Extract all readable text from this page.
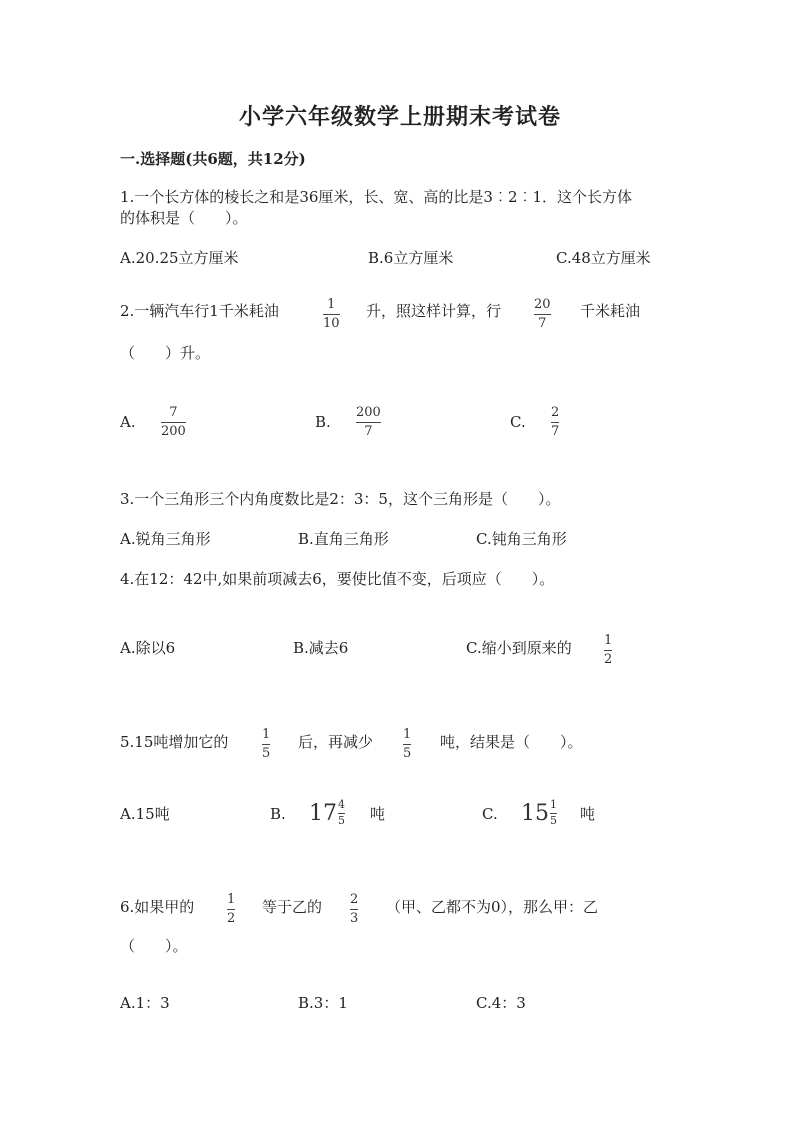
小学六年级数学上册期末考试卷
一.选择题(共6题，共12分)
1.一个长方体的棱长之和是36厘米，长、宽、高的比是3︰2︰1．这个长方体
的体积是（　　）。
A.20.25立方厘米	B.6立方厘米	C.48立方厘米
2.一辆汽车行1千米耗油	1
10
升，照这样计算，行	20
7
千米耗油
（　　）升。
A.
7
200
B.
200
7
C.
2
7
3.一个三角形三个内角度数比是2：3：5，这个三角形是（　　）。
A.锐角三角形	B.直角三角形	C.钝角三角形
4.在12：42中,如果前项减去6，要使比值不变，后项应（　　）。
A.除以6	B.减去6	C.缩小到原来的 1
2
5.15吨增加它的	1
5
后，再减少 1
5
吨，结果是（　　）。
A.15吨	B. $17 \frac{4}{5}$ 吨	C. $15 \frac{1}{5}$ 吨
6.如果甲的	1
2
等于乙的 2
3
（甲、乙都不为0），那么甲：乙
（　　）。
A.1：3	B.3：1	C.4：3
